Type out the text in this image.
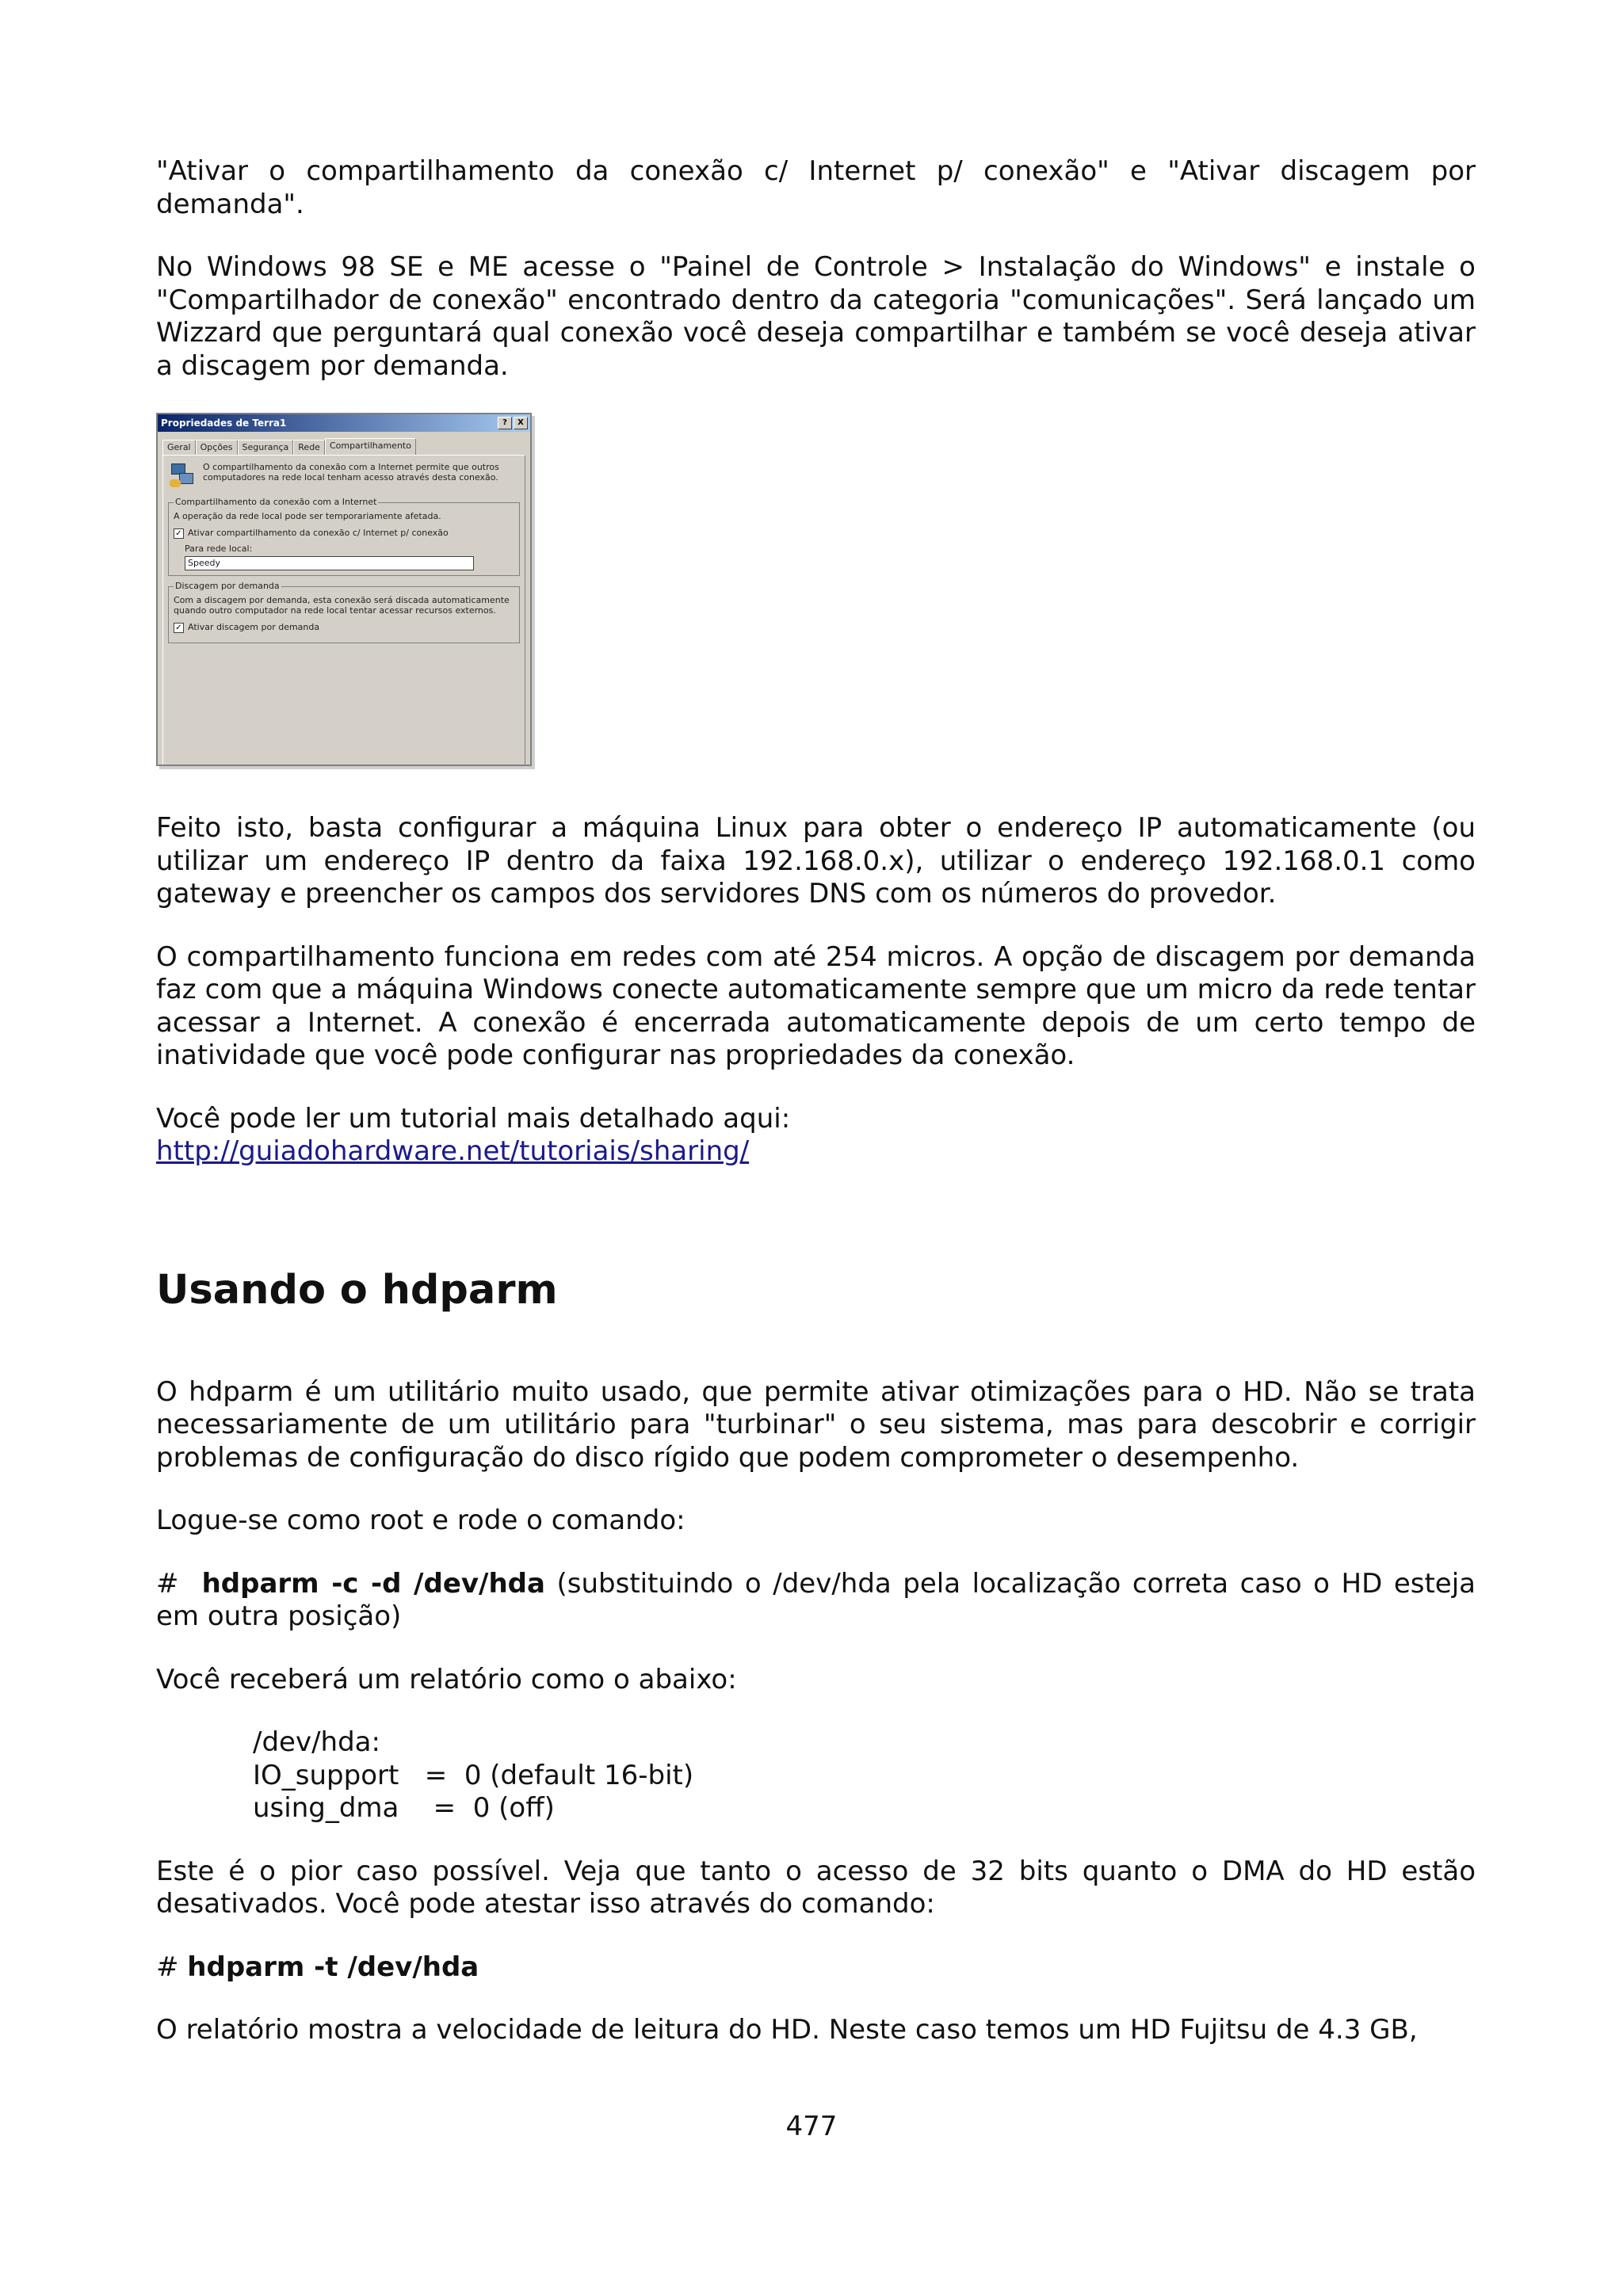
"Ativar o compartilhamento da conexão c/ Internet p/ conexão" e "Ativar discagem por demanda".

No Windows 98 SE e ME acesse o "Painel de Controle > Instalação do Windows" e instale o "Compartilhador de conexão" encontrado dentro da categoria "comunicações". Será lançado um Wizzard que perguntará qual conexão você deseja compartilhar e também se você deseja ativar a discagem por demanda.

Propriedades de Terra1	?	X
Geral	Opções	Segurança	Rede	Compartilhamento
O compartilhamento da conexão com a Internet permite que outros computadores na rede local tenham acesso através desta conexão.
Compartilhamento da conexão com a Internet
A operação da rede local pode ser temporariamente afetada.
✓ Ativar compartilhamento da conexão c/ Internet p/ conexão
Para rede local:
Speedy
Discagem por demanda
Com a discagem por demanda, esta conexão será discada automaticamente quando outro computador na rede local tentar acessar recursos externos.
✓ Ativar discagem por demanda

Feito isto, basta configurar a máquina Linux para obter o endereço IP automaticamente (ou utilizar um endereço IP dentro da faixa 192.168.0.x), utilizar o endereço 192.168.0.1 como gateway e preencher os campos dos servidores DNS com os números do provedor.

O compartilhamento funciona em redes com até 254 micros. A opção de discagem por demanda faz com que a máquina Windows conecte automaticamente sempre que um micro da rede tentar acessar a Internet. A conexão é encerrada automaticamente depois de um certo tempo de inatividade que você pode configurar nas propriedades da conexão.

Você pode ler um tutorial mais detalhado aqui:

http://guiadohardware.net/tutoriais/sharing/
Usando o hdparm

O hdparm é um utilitário muito usado, que permite ativar otimizações para o HD. Não se trata necessariamente de um utilitário para "turbinar" o seu sistema, mas para descobrir e corrigir problemas de configuração do disco rígido que podem comprometer o desempenho.

Logue-se como root e rode o comando:

#  hdparm -c -d /dev/hda (substituindo o /dev/hda pela localização correta caso o HD esteja em outra posição)

Você receberá um relatório como o abaixo:

/dev/hda:
IO_support   =  0 (default 16-bit)
using_dma    =  0 (off)

Este é o pior caso possível. Veja que tanto o acesso de 32 bits quanto o DMA do HD estão desativados. Você pode atestar isso através do comando:

# hdparm -t /dev/hda

O relatório mostra a velocidade de leitura do HD. Neste caso temos um HD Fujitsu de 4.3 GB,

477
